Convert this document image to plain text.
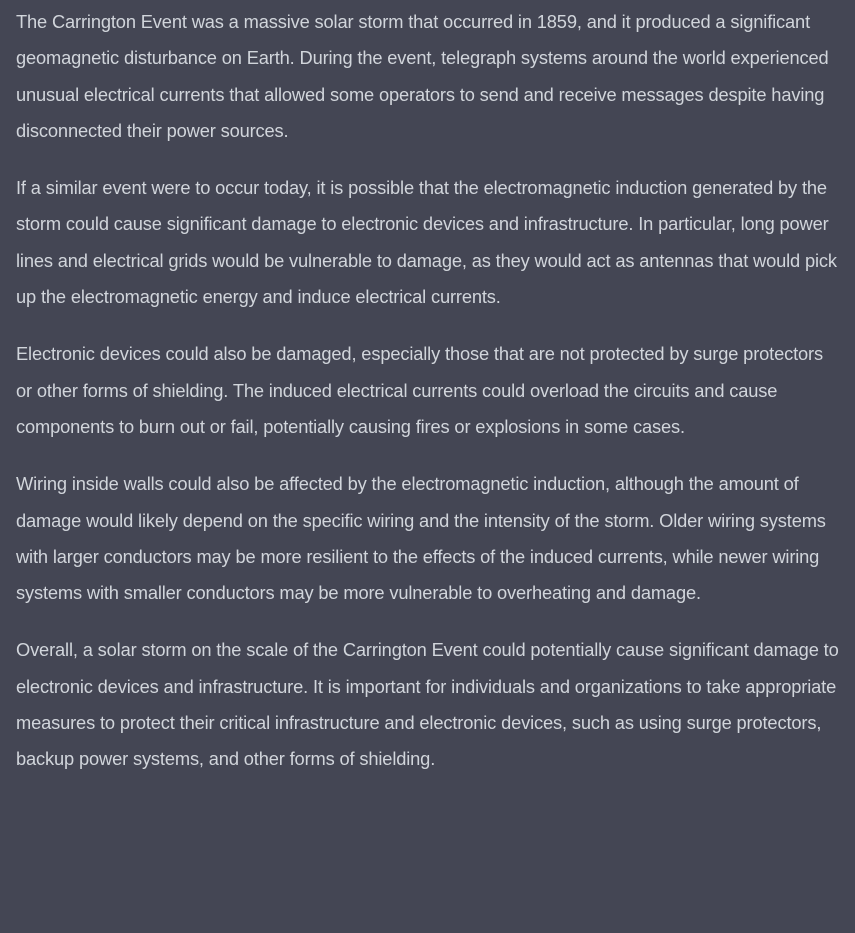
The Carrington Event was a massive solar storm that occurred in 1859, and it produced a significant geomagnetic disturbance on Earth. During the event, telegraph systems around the world experienced unusual electrical currents that allowed some operators to send and receive messages despite having disconnected their power sources.

If a similar event were to occur today, it is possible that the electromagnetic induction generated by the storm could cause significant damage to electronic devices and infrastructure. In particular, long power lines and electrical grids would be vulnerable to damage, as they would act as antennas that would pick up the electromagnetic energy and induce electrical currents.

Electronic devices could also be damaged, especially those that are not protected by surge protectors or other forms of shielding. The induced electrical currents could overload the circuits and cause components to burn out or fail, potentially causing fires or explosions in some cases.

Wiring inside walls could also be affected by the electromagnetic induction, although the amount of damage would likely depend on the specific wiring and the intensity of the storm. Older wiring systems with larger conductors may be more resilient to the effects of the induced currents, while newer wiring systems with smaller conductors may be more vulnerable to overheating and damage.

Overall, a solar storm on the scale of the Carrington Event could potentially cause significant damage to electronic devices and infrastructure. It is important for individuals and organizations to take appropriate measures to protect their critical infrastructure and electronic devices, such as using surge protectors, backup power systems, and other forms of shielding.
